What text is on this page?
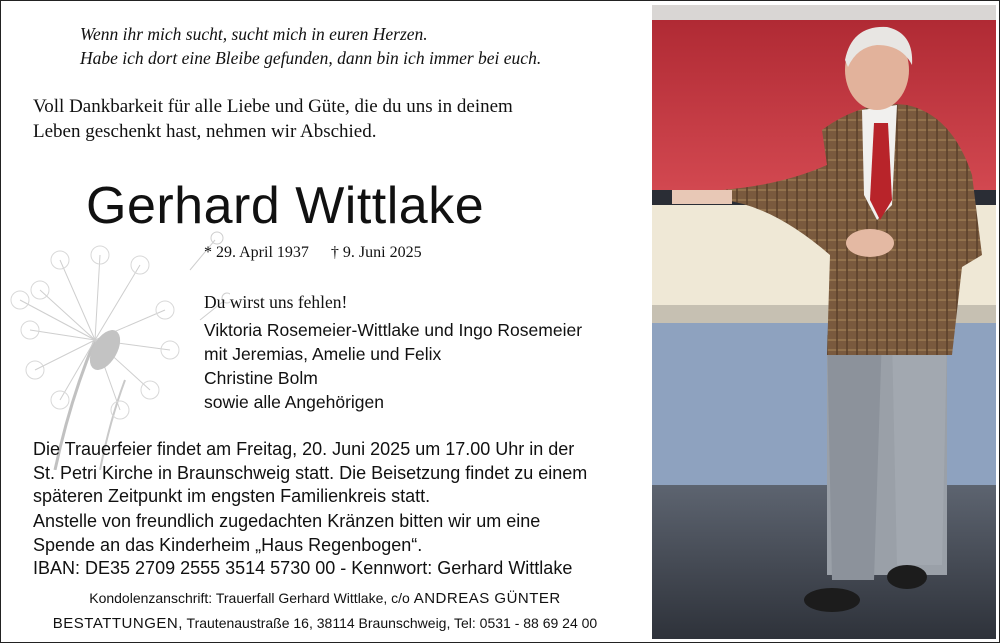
Wenn ihr mich sucht, sucht mich in euren Herzen.
Habe ich dort eine Bleibe gefunden, dann bin ich immer bei euch.
Voll Dankbarkeit für alle Liebe und Güte, die du uns in deinem
Leben geschenkt hast, nehmen wir Abschied.
Gerhard Wittlake
* 29. April 1937 † 9. Juni 2025
Du wirst uns fehlen!
Viktoria Rosemeier-Wittlake und Ingo Rosemeier
mit Jeremias, Amelie und Felix
Christine Bolm
sowie alle Angehörigen
Die Trauerfeier findet am Freitag, 20. Juni 2025 um 17.00 Uhr in der
St. Petri Kirche in Braunschweig statt. Die Beisetzung findet zu einem
späteren Zeitpunkt im engsten Familienkreis statt.
Anstelle von freundlich zugedachten Kränzen bitten wir um eine
Spende an das Kinderheim „Haus Regenbogen“.
IBAN: DE35 2709 2555 3514 5730 00 - Kennwort: Gerhard Wittlake
Kondolenzanschrift: Trauerfall Gerhard Wittlake, c/o ANDREAS GÜNTER
BESTATTUNGEN, Trautenaustraße 16, 38114 Braunschweig, Tel: 0531 - 88 69 24 00
